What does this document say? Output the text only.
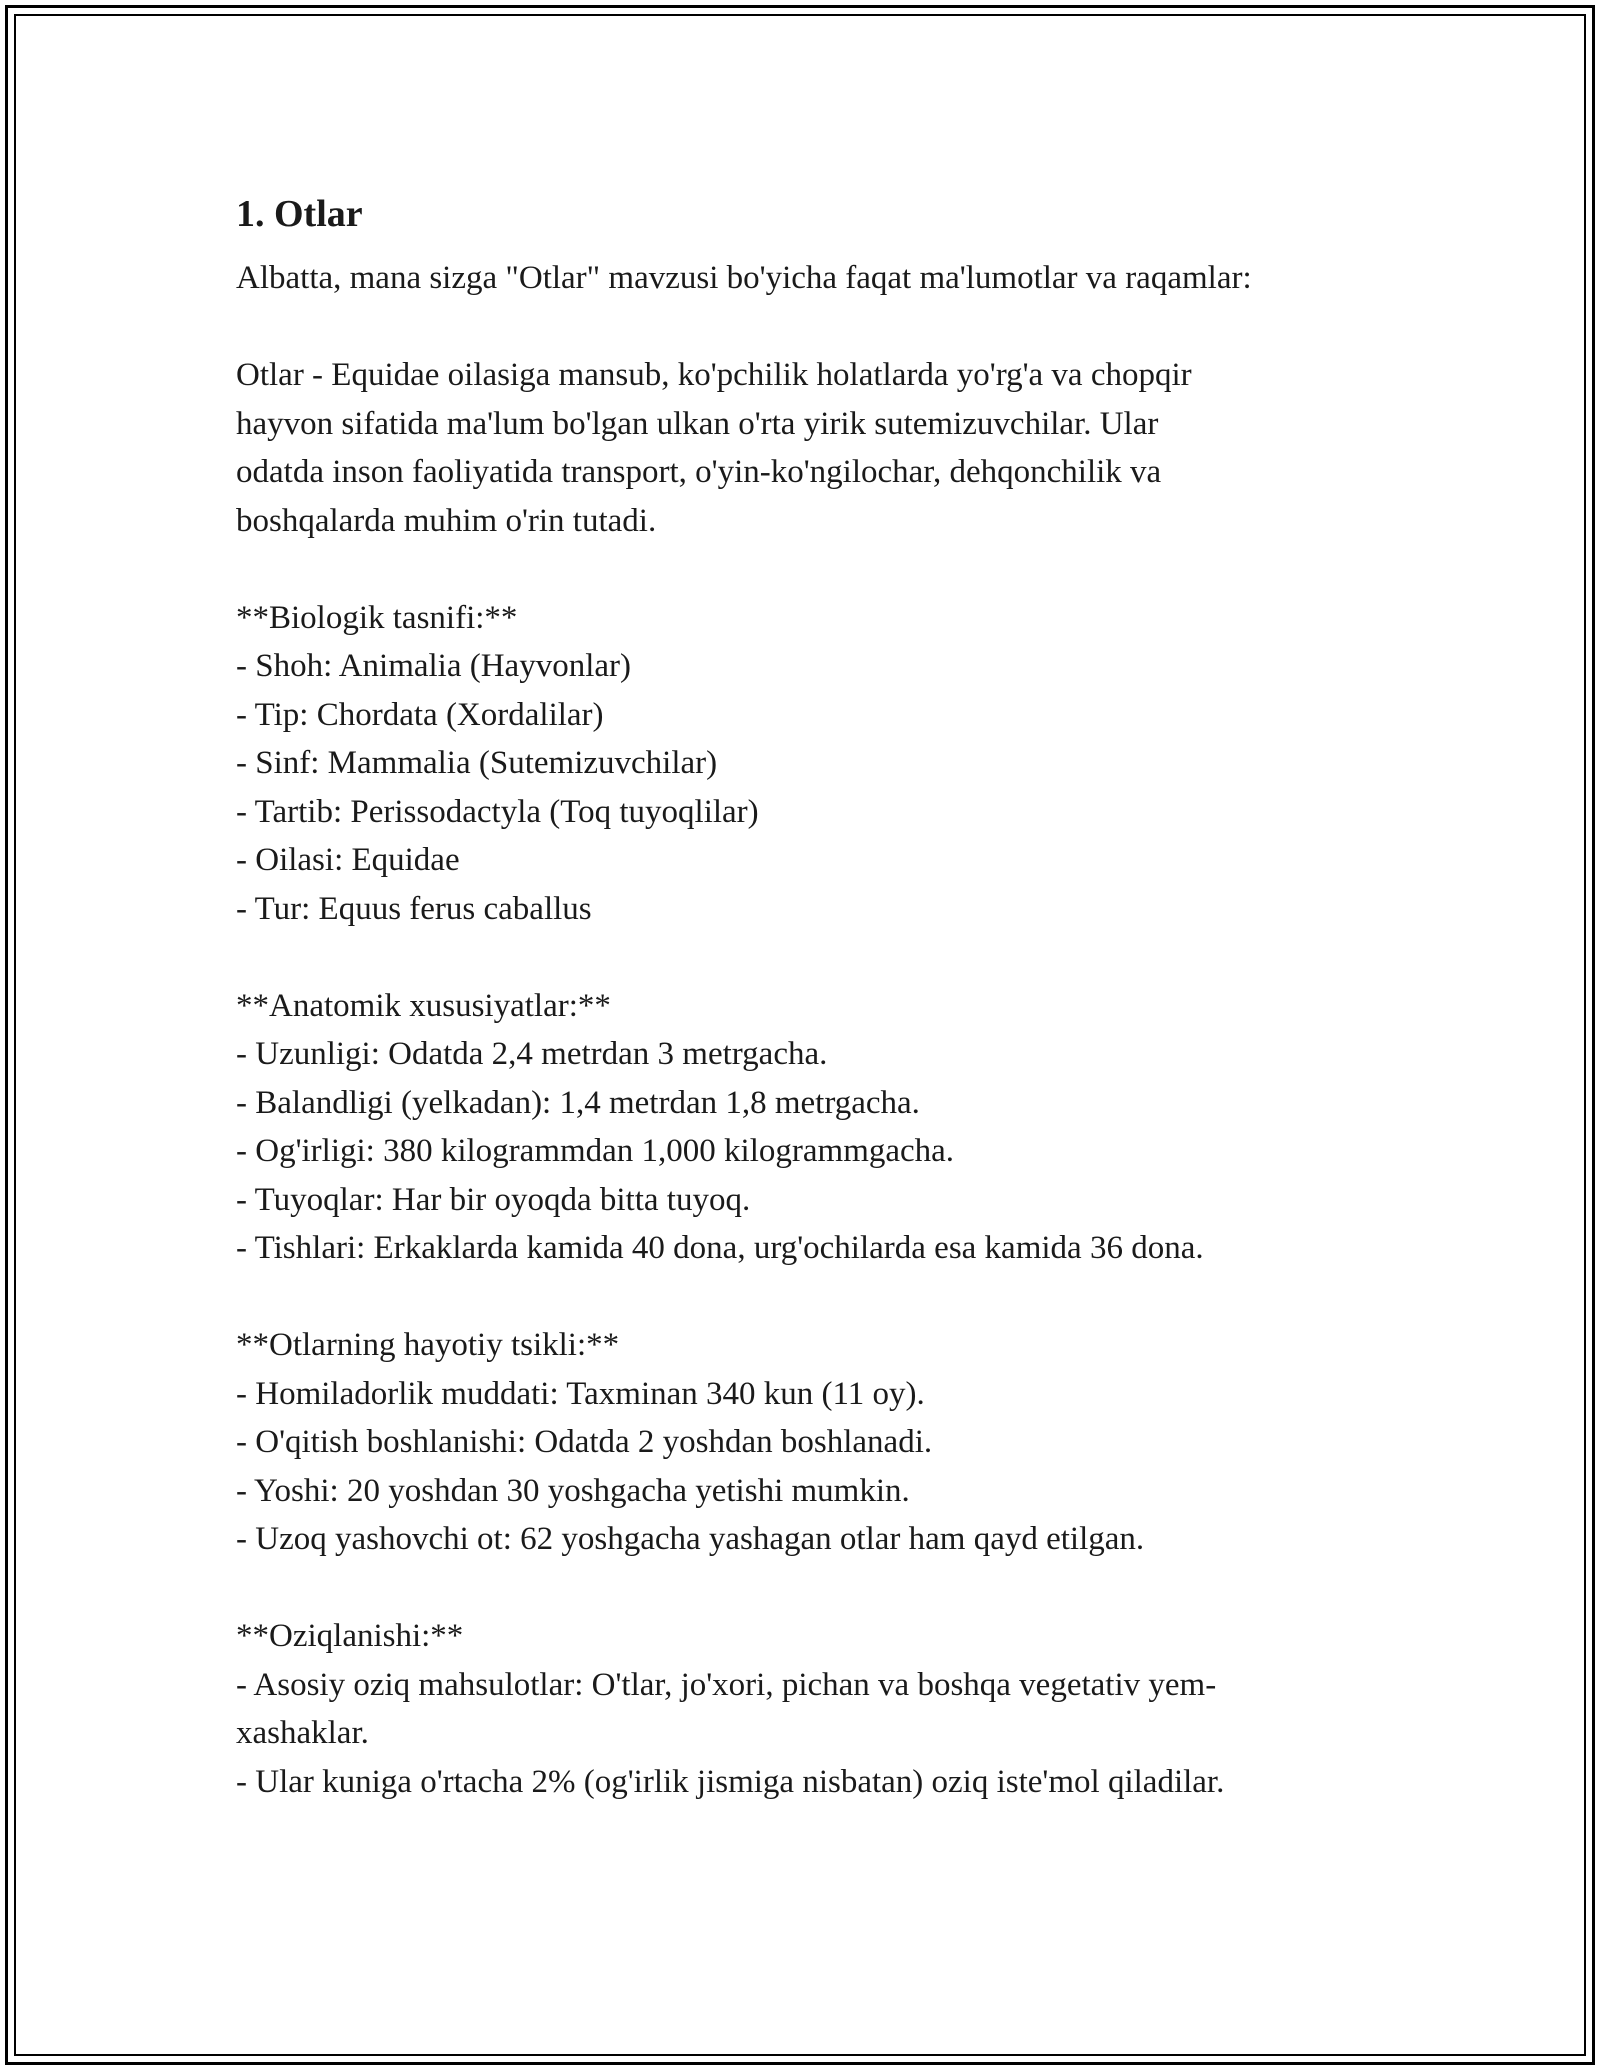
1. Otlar

Albatta, mana sizga "Otlar" mavzusi bo'yicha faqat ma'lumotlar va raqamlar:

Otlar - Equidae oilasiga mansub, ko'pchilik holatlarda yo'rg'a va chopqir

hayvon sifatida ma'lum bo'lgan ulkan o'rta yirik sutemizuvchilar. Ular

odatda inson faoliyatida transport, o'yin-ko'ngilochar, dehqonchilik va

boshqalarda muhim o'rin tutadi.

**Biologik tasnifi:**

- Shoh: Animalia (Hayvonlar)

- Tip: Chordata (Xordalilar)

- Sinf: Mammalia (Sutemizuvchilar)

- Tartib: Perissodactyla (Toq tuyoqlilar)

- Oilasi: Equidae

- Tur: Equus ferus caballus

**Anatomik xususiyatlar:**

- Uzunligi: Odatda 2,4 metrdan 3 metrgacha.

- Balandligi (yelkadan): 1,4 metrdan 1,8 metrgacha.

- Og'irligi: 380 kilogrammdan 1,000 kilogrammgacha.

- Tuyoqlar: Har bir oyoqda bitta tuyoq.

- Tishlari: Erkaklarda kamida 40 dona, urg'ochilarda esa kamida 36 dona.

**Otlarning hayotiy tsikli:**

- Homiladorlik muddati: Taxminan 340 kun (11 oy).

- O'qitish boshlanishi: Odatda 2 yoshdan boshlanadi.

- Yoshi: 20 yoshdan 30 yoshgacha yetishi mumkin.

- Uzoq yashovchi ot: 62 yoshgacha yashagan otlar ham qayd etilgan.

**Oziqlanishi:**

- Asosiy oziq mahsulotlar: O'tlar, jo'xori, pichan va boshqa vegetativ yem-

xashaklar.

- Ular kuniga o'rtacha 2% (og'irlik jismiga nisbatan) oziq iste'mol qiladilar.
